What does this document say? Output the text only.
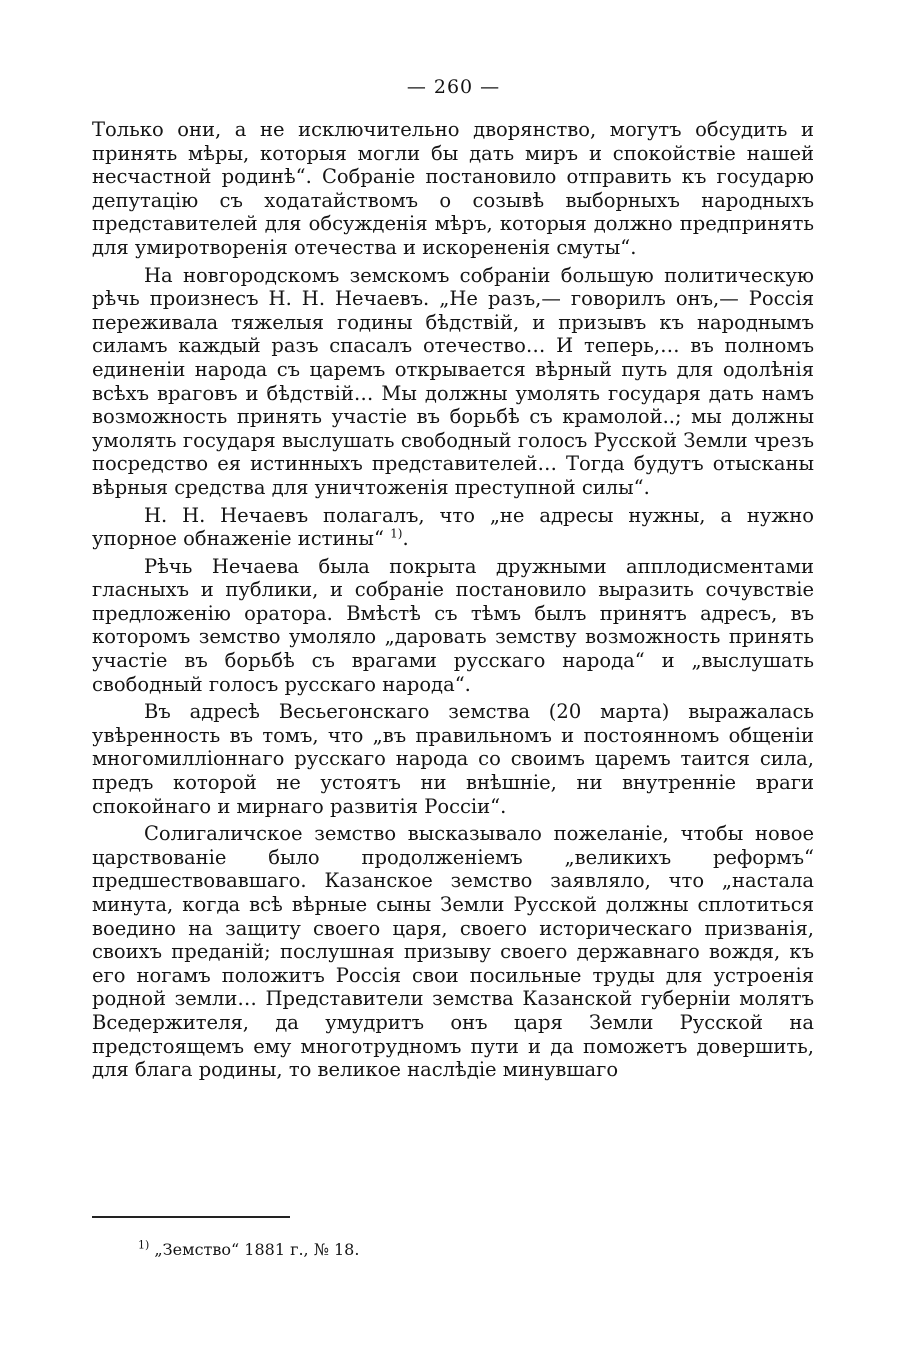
— 260 —

Только они, а не исключительно дворянство, могутъ обсудить и принять мѣры, которыя могли бы дать миръ и спокойствіе нашей несчастной родинѣ“. Собраніе постановило отправить къ государю депутацію съ ходатайствомъ о созывѣ выборныхъ народныхъ представителей для обсужденія мѣръ, которыя должно предпринять для умиротворенія отечества и искорененія смуты“.

На новгородскомъ земскомъ собраніи большую политическую рѣчь произнесъ Н. Н. Нечаевъ. „Не разъ,— говорилъ онъ,— Россія переживала тяжелыя годины бѣдствій, и призывъ къ народнымъ силамъ каждый разъ спасалъ отечество… И теперь,… въ полномъ единеніи народа съ царемъ открывается вѣрный путь для одолѣнія всѣхъ враговъ и бѣдствій… Мы должны умолять государя дать намъ возможность принять участіе въ борьбѣ съ крамолой..; мы должны умолять государя выслушать свободный голосъ Русской Земли чрезъ посредство ея истинныхъ представителей… Тогда будутъ отысканы вѣрныя средства для уничтоженія преступной силы“.

Н. Н. Нечаевъ полагалъ, что „не адресы нужны, а нужно упорное обнаженіе истины“ $^{1)}$.

Рѣчь Нечаева была покрыта дружными апплодисментами гласныхъ и публики, и собраніе постановило выразить сочувствіе предложенію оратора. Вмѣстѣ съ тѣмъ былъ принятъ адресъ, въ которомъ земство умоляло „даровать земству возможность принять участіе въ борьбѣ съ врагами русскаго народа“ и „выслушать свободный голосъ русскаго народа“.

Въ адресѣ Весьегонскаго земства (20 марта) выражалась увѣренность въ томъ, что „въ правильномъ и постоянномъ общеніи многомилліоннаго русскаго народа со своимъ царемъ таится сила, предъ которой не устоятъ ни внѣшніе, ни внутренніе враги спокойнаго и мирнаго развитія Россіи“.

Солигаличское земство высказывало пожеланіе, чтобы новое царствованіе было продолженіемъ „великихъ реформъ“ предшествовавшаго. Казанское земство заявляло, что „настала минута, когда всѣ вѣрные сыны Земли Русской должны сплотиться воедино на защиту своего царя, своего историческаго призванія, своихъ преданій; послушная призыву своего державнаго вождя, къ его ногамъ положитъ Россія свои посильные труды для устроенія родной земли… Представители земства Казанской губерніи молятъ Вседержителя, да умудритъ онъ царя Земли Русской на предстоящемъ ему многотрудномъ пути и да поможетъ довершить, для блага родины, то великое наслѣдіе минувшаго

$^{1)}$ „Земство“ 1881 г., № 18.
